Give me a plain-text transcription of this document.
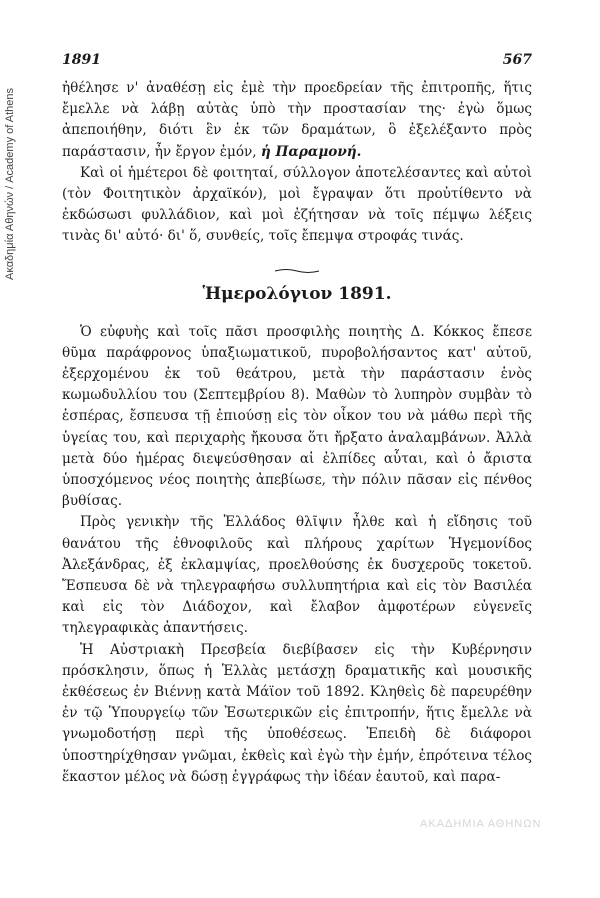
Ακαδημία Αθηνών / Academy of Athens
1891	567

ἠθέλησε ν' ἀναθέσῃ εἰς ἐμὲ τὴν προεδρείαν τῆς ἐπιτροπῆς, ἥτις ἔμελλε νὰ λάβῃ αὐτὰς ὑπὸ τὴν προστασίαν της· ἐγὼ ὅμως ἀπεποιήθην, διότι ἓν ἐκ τῶν δραμάτων, ὃ ἐξελέξαντο πρὸς παράστασιν, ἦν ἔργον ἐμόν, ἡ Παραμονή.

Καὶ οἱ ἡμέτεροι δὲ φοιτηταί, σύλλογον ἀποτελέσαντες καὶ αὐτοὶ (τὸν Φοιτητικὸν ἀρχαϊκόν), μοὶ ἔγραψαν ὅτι προὐτίθεντο νὰ ἐκδώσωσι φυλλάδιον, καὶ μοὶ ἐζήτησαν νὰ τοῖς πέμψω λέξεις τινὰς δι' αὐτό· δι' ὅ, συνθείς, τοῖς ἔπεμψα στροφάς τινάς.

Ἡμερολόγιον 1891.

Ὁ εὐφυὴς καὶ τοῖς πᾶσι προσφιλὴς ποιητὴς Δ. Κόκκος ἔπεσε θῦμα παράφρονος ὑπαξιωματικοῦ, πυροβολήσαντος κατ' αὐτοῦ, ἐξερχομένου ἐκ τοῦ θεάτρου, μετὰ τὴν παράστασιν ἑνὸς κωμωδυλλίου του (Σεπτεμβρίου 8). Μαθὼν τὸ λυπηρὸν συμβὰν τὸ ἑσπέρας, ἔσπευσα τῇ ἐπιούσῃ εἰς τὸν οἶκον του νὰ μάθω περὶ τῆς ὑγείας του, καὶ περιχαρὴς ἤκουσα ὅτι ἤρξατο ἀναλαμβάνων. Ἀλλὰ μετὰ δύο ἡμέρας διεψεύσθησαν αἱ ἐλπίδες αὗται, καὶ ὁ ἄριστα ὑποσχόμενος νέος ποιητὴς ἀπεβίωσε, τὴν πόλιν πᾶσαν εἰς πένθος βυθίσας.

Πρὸς γενικὴν τῆς Ἑλλάδος θλῖψιν ἦλθε καὶ ἡ εἴδησις τοῦ θανάτου τῆς ἐθνοφιλοῦς καὶ πλήρους χαρίτων Ἡγεμονίδος Ἀλεξάνδρας, ἐξ ἐκλαμψίας, προελθούσης ἐκ δυσχεροῦς τοκετοῦ. Ἔσπευσα δὲ νὰ τηλεγραφήσω συλλυπητήρια καὶ εἰς τὸν Βασιλέα καὶ εἰς τὸν Διάδοχον, καὶ ἔλαβον ἀμφοτέρων εὐγενεῖς τηλεγραφικὰς ἀπαντήσεις.

Ἡ Αὐστριακὴ Πρεσβεία διεβίβασεν εἰς τὴν Κυβέρνησιν πρόσκλησιν, ὅπως ἡ Ἑλλὰς μετάσχῃ δραματικῆς καὶ μουσικῆς ἐκθέσεως ἐν Βιέννῃ κατὰ Μάϊον τοῦ 1892. Κληθεὶς δὲ παρευρέθην ἐν τῷ Ὑπουργείῳ τῶν Ἐσωτερικῶν εἰς ἐπιτροπήν, ἥτις ἔμελλε νὰ γνωμοδοτήσῃ περὶ τῆς ὑποθέσεως. Ἐπειδὴ δὲ διάφοροι ὑποστηρίχθησαν γνῶμαι, ἐκθεὶς καὶ ἐγὼ τὴν ἐμήν, ἐπρότεινα τέλος ἕκαστον μέλος νὰ δώσῃ ἐγγράφως τὴν ἰδέαν ἑαυτοῦ, καὶ παρα-

ΑΚΑΔΗΜΙΑ ΑΘΗΝΩΝ
